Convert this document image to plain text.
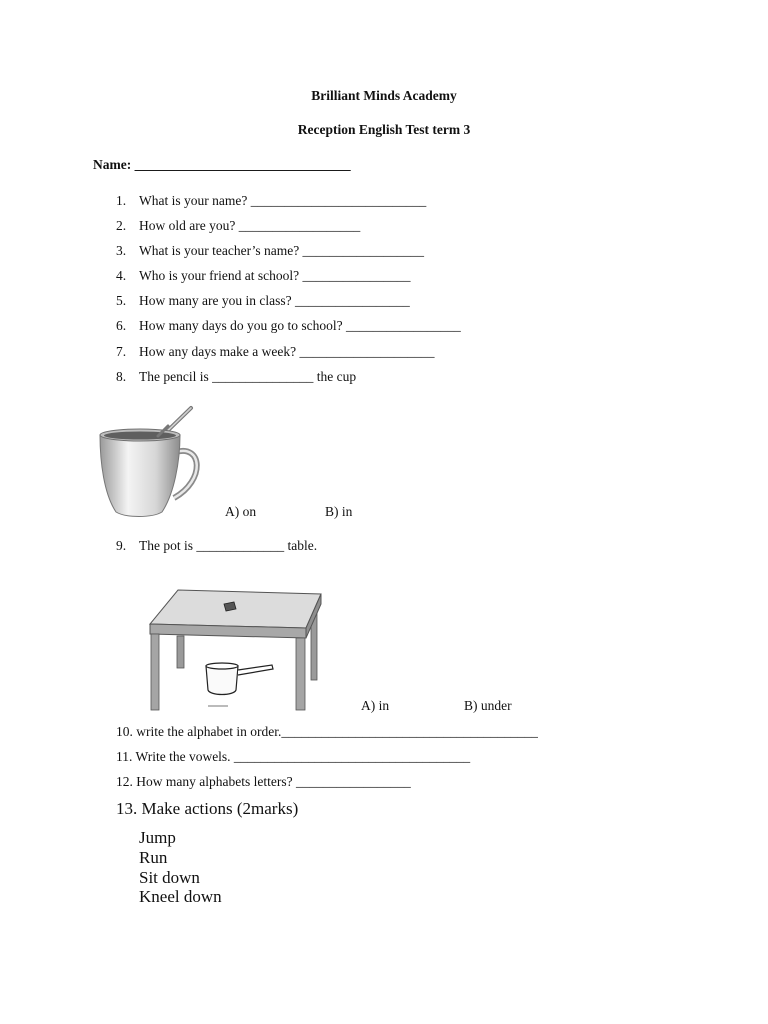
Brilliant Minds Academy
Reception English Test term 3
Name: ________________________________
1. What is your name? __________________________
2. How old are you? __________________
3. What is your teacher’s name? __________________
4. Who is your friend at school? ________________
5. How many are you in class? _________________
6. How many days do you go to school? _________________
7. How any days make a week? ____________________
8. The pencil is _______________ the cup
A) on	B) in
9. The pot is _____________ table.
A) in	B) under
10. write the alphabet in order.______________________________________
11. Write the vowels. ___________________________________
12. How many alphabets letters? _________________
13. Make actions (2marks)
Jump
Run
Sit down
Kneel down
